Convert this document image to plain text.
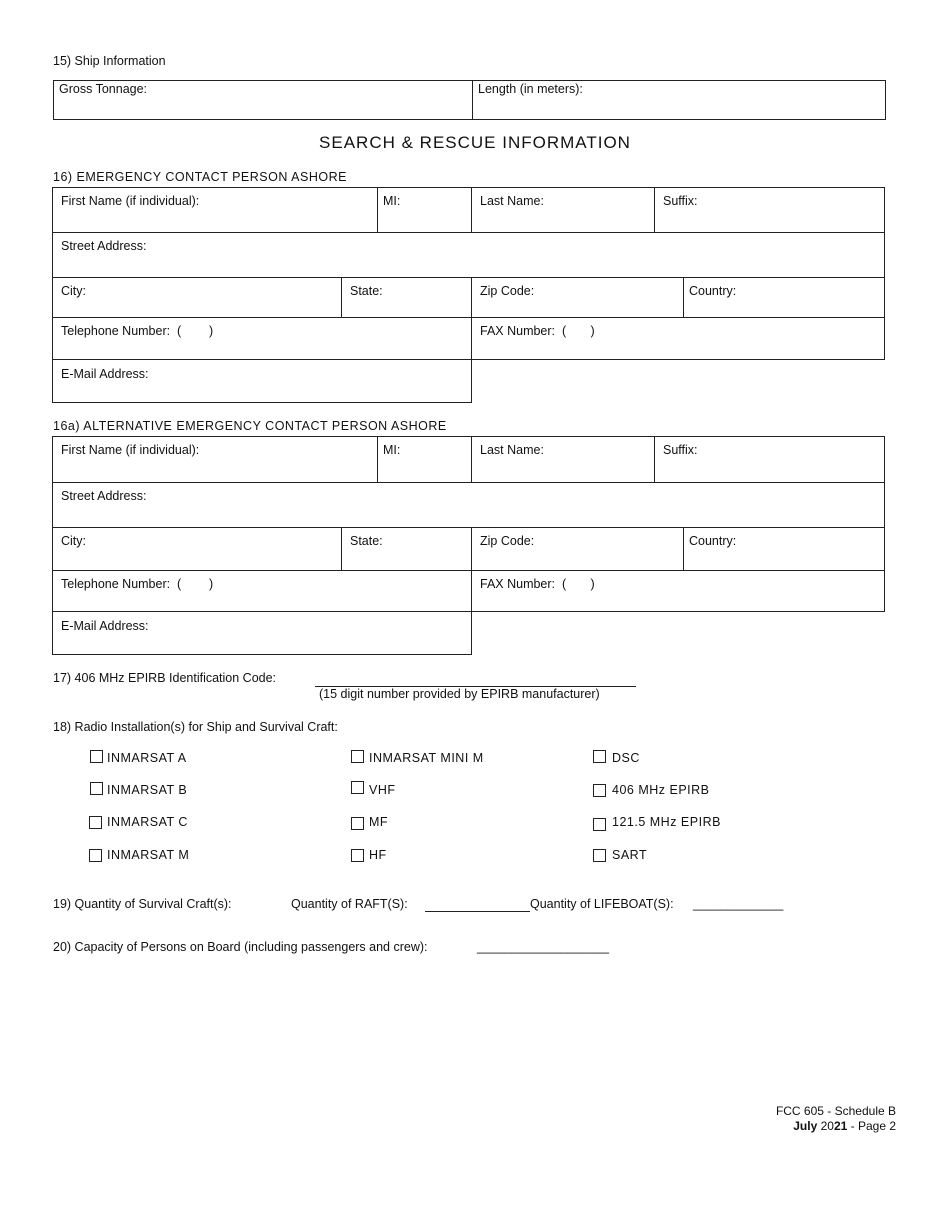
15) Ship Information
Gross Tonnage:	Length (in meters):
SEARCH & RESCUE INFORMATION
16) EMERGENCY CONTACT PERSON ASHORE
First Name (if individual):	MI:	Last Name:	Suffix:
Street Address:
City:	State:	Zip Code:	Country:
Telephone Number:  (        )	FAX Number:  (       )
E-Mail Address:
16a) ALTERNATIVE EMERGENCY CONTACT PERSON ASHORE
First Name (if individual):	MI:	Last Name:	Suffix:
Street Address:
City:	State:	Zip Code:	Country:
Telephone Number:  (        )	FAX Number:  (       )
E-Mail Address:
17) 406 MHz EPIRB Identification Code:
(15 digit number provided by EPIRB manufacturer)
18) Radio Installation(s) for Ship and Survival Craft:
INMARSAT A	INMARSAT MINI M	DSC
INMARSAT B	VHF	406 MHz EPIRB
INMARSAT C	MF	121.5 MHz EPIRB
INMARSAT M	HF	SART
19) Quantity of Survival Craft(s):	Quantity of RAFT(S):	Quantity of LIFEBOAT(S): _____________
20) Capacity of Persons on Board (including passengers and crew):	___________________
FCC 605 - Schedule B
July 2021 - Page 2
